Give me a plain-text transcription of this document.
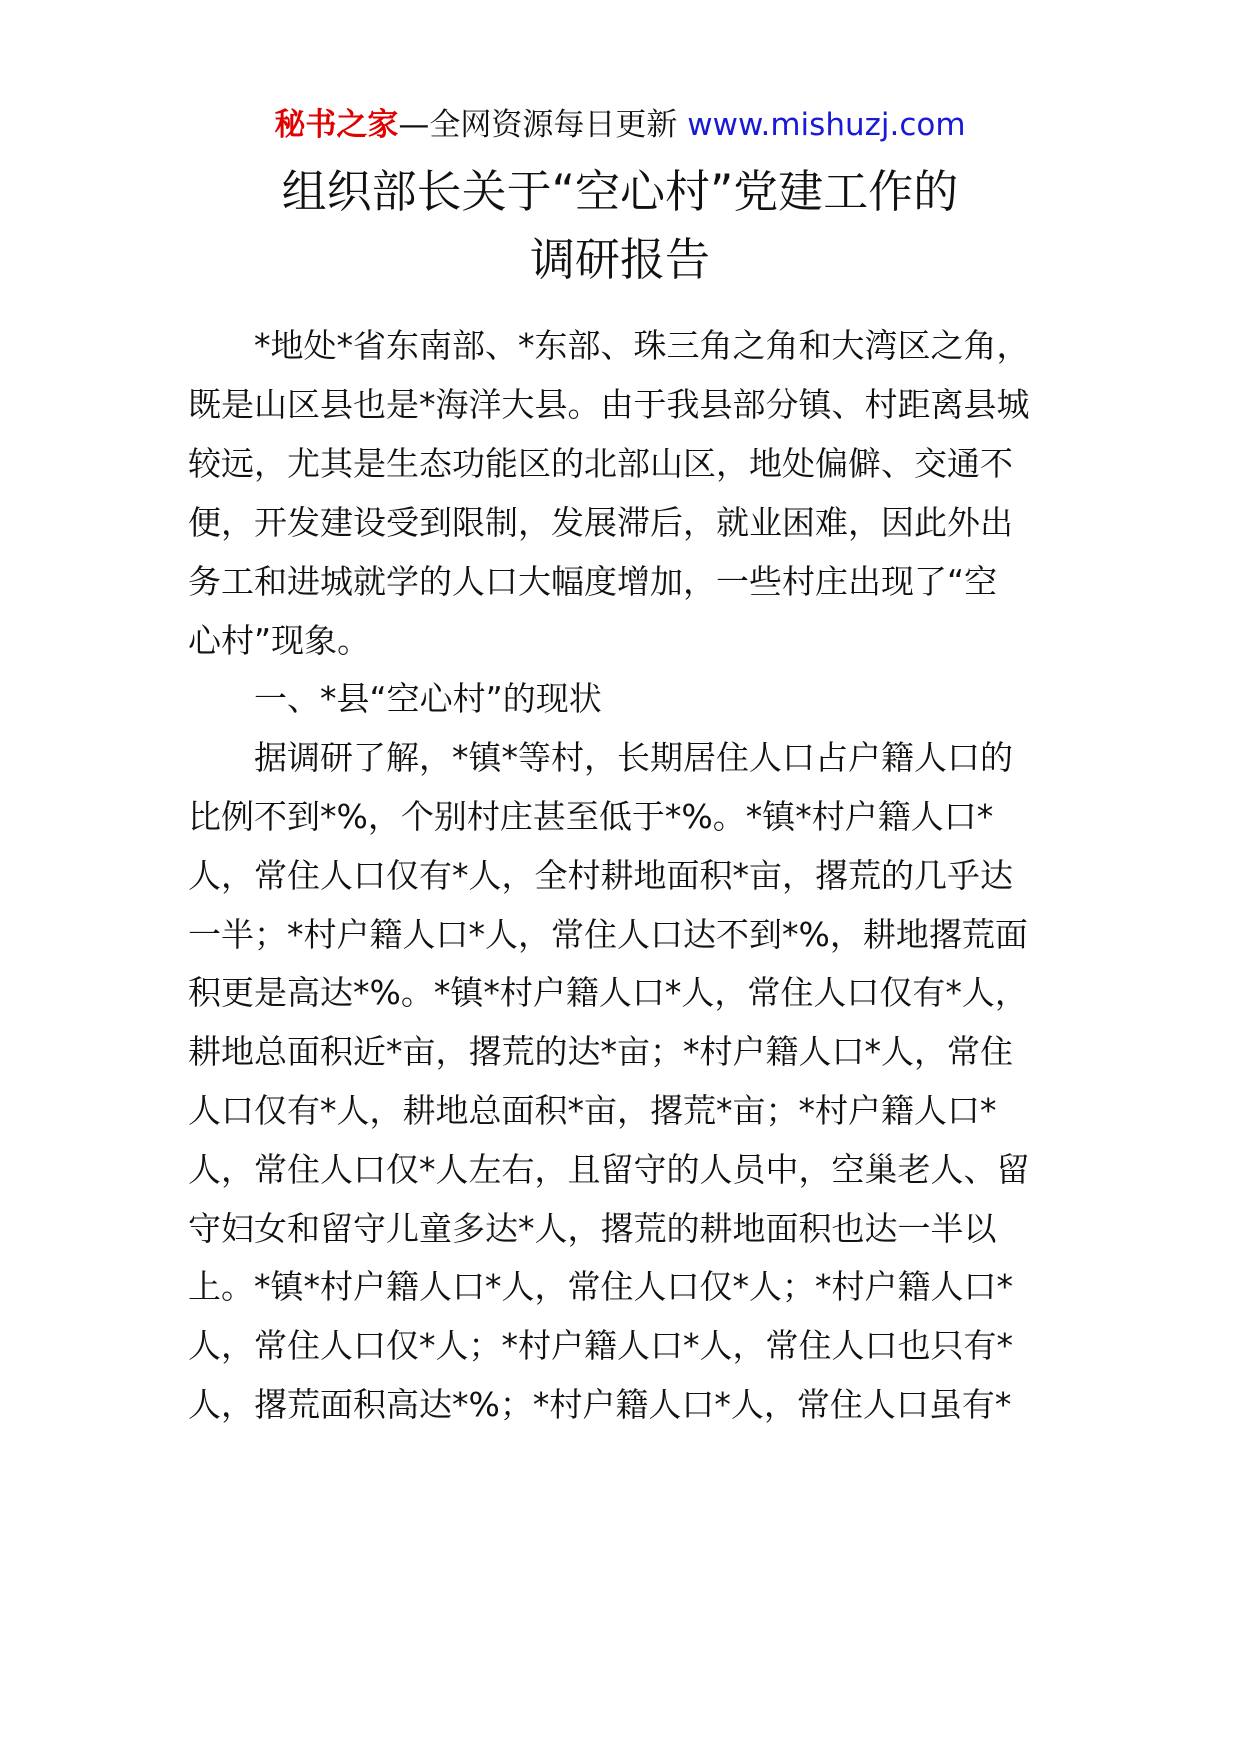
秘书之家—全网资源每日更新 www.mishuzj.com
组织部长关于“空心村”党建工作的
调研报告
　　*地处*省东南部、*东部、珠三角之角和大湾区之角，
既是山区县也是*海洋大县。由于我县部分镇、村距离县城
较远，尤其是生态功能区的北部山区，地处偏僻、交通不
便，开发建设受到限制，发展滞后，就业困难，因此外出
务工和进城就学的人口大幅度增加，一些村庄出现了“空
心村”现象。
　　一、*县“空心村”的现状
　　据调研了解，*镇*等村，长期居住人口占户籍人口的
比例不到*%，个别村庄甚至低于*%。*镇*村户籍人口*
人，常住人口仅有*人，全村耕地面积*亩，撂荒的几乎达
一半；*村户籍人口*人，常住人口达不到*%，耕地撂荒面
积更是高达*%。*镇*村户籍人口*人，常住人口仅有*人，
耕地总面积近*亩，撂荒的达*亩；*村户籍人口*人，常住
人口仅有*人，耕地总面积*亩，撂荒*亩；*村户籍人口*
人，常住人口仅*人左右，且留守的人员中，空巢老人、留
守妇女和留守儿童多达*人，撂荒的耕地面积也达一半以
上。*镇*村户籍人口*人，常住人口仅*人；*村户籍人口*
人，常住人口仅*人；*村户籍人口*人，常住人口也只有*
人，撂荒面积高达*%；*村户籍人口*人，常住人口虽有*
